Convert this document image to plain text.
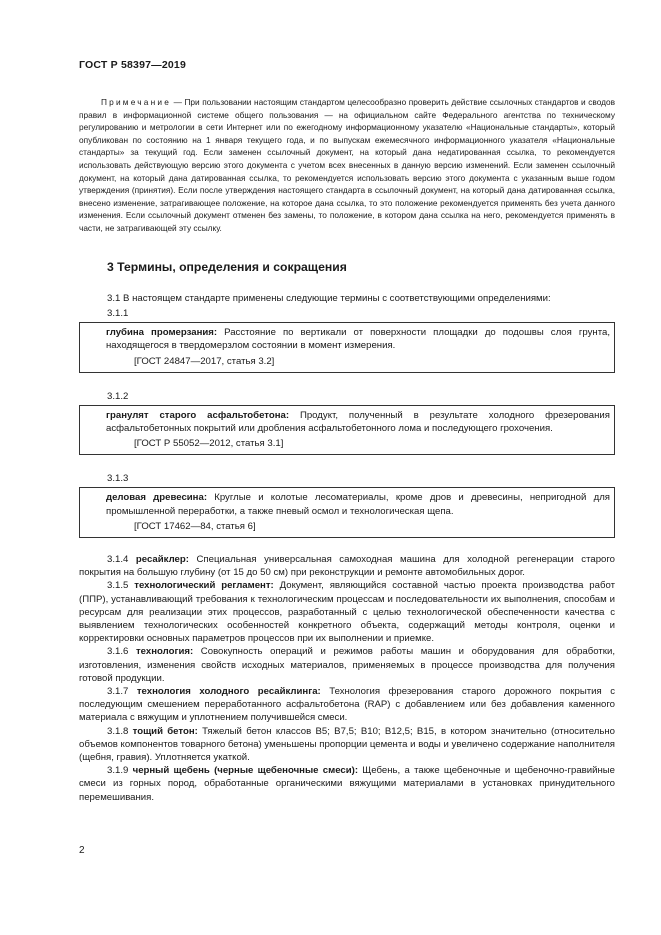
ГОСТ Р 58397—2019

Примечание — При пользовании настоящим стандартом целесообразно проверить действие ссылочных стандартов и сводов правил в информационной системе общего пользования — на официальном сайте Федерального агентства по техническому регулированию и метрологии в сети Интернет или по ежегодному информационному указателю «Национальные стандарты», который опубликован по состоянию на 1 января текущего года, и по выпускам ежемесячного информационного указателя «Национальные стандарты» за текущий год. Если заменен ссылочный документ, на который дана недатированная ссылка, то рекомендуется использовать действующую версию этого документа с учетом всех внесенных в данную версию изменений. Если заменен ссылочный документ, на который дана датированная ссылка, то рекомендуется использовать версию этого документа с указанным выше годом утверждения (принятия). Если после утверждения настоящего стандарта в ссылочный документ, на который дана датированная ссылка, внесено изменение, затрагивающее положение, на которое дана ссылка, то это положение рекомендуется применять без учета данного изменения. Если ссылочный документ отменен без замены, то положение, в котором дана ссылка на него, рекомендуется применять в части, не затрагивающей эту ссылку.

3 Термины, определения и сокращения

3.1 В настоящем стандарте применены следующие термины с соответствующими определениями:

3.1.1

глубина промерзания: Расстояние по вертикали от поверхности площадки до подошвы слоя грунта, находящегося в твердомерзлом состоянии в момент измерения.

[ГОСТ 24847—2017, статья 3.2]

3.1.2

гранулят старого асфальтобетона: Продукт, полученный в результате холодного фрезерования асфальтобетонных покрытий или дробления асфальтобетонного лома и последующего грохочения.

[ГОСТ Р 55052—2012, статья 3.1]

3.1.3

деловая древесина: Круглые и колотые лесоматериалы, кроме дров и древесины, непригодной для промышленной переработки, а также пневый осмол и технологическая щепа.

[ГОСТ 17462—84, статья 6]

3.1.4 ресайклер: Специальная универсальная самоходная машина для холодной регенерации старого покрытия на большую глубину (от 15 до 50 см) при реконструкции и ремонте автомобильных дорог.

3.1.5 технологический регламент: Документ, являющийся составной частью проекта производства работ (ППР), устанавливающий требования к технологическим процессам и последовательности их выполнения, способам и ресурсам для реализации этих процессов, разработанный с целью технологической обеспеченности качества с выявлением технологических особенностей конкретного объекта, содержащий методы контроля, оценки и корректировки основных параметров процессов при их выполнении и приемке.

3.1.6 технология: Совокупность операций и режимов работы машин и оборудования для обработки, изготовления, изменения свойств исходных материалов, применяемых в процессе производства для получения готовой продукции.

3.1.7 технология холодного ресайклинга: Технология фрезерования старого дорожного покрытия с последующим смешением переработанного асфальтобетона (RAP) с добавлением или без добавления каменного материала с вяжущим и уплотнением получившейся смеси.

3.1.8 тощий бетон: Тяжелый бетон классов В5; В7,5; В10; В12,5; В15, в котором значительно (относительно объемов компонентов товарного бетона) уменьшены пропорции цемента и воды и увеличено содержание наполнителя (щебня, гравия). Уплотняется укаткой.

3.1.9 черный щебень (черные щебеночные смеси): Щебень, а также щебеночные и щебеночно-гравийные смеси из горных пород, обработанные органическими вяжущими материалами в установках принудительного перемешивания.

2
